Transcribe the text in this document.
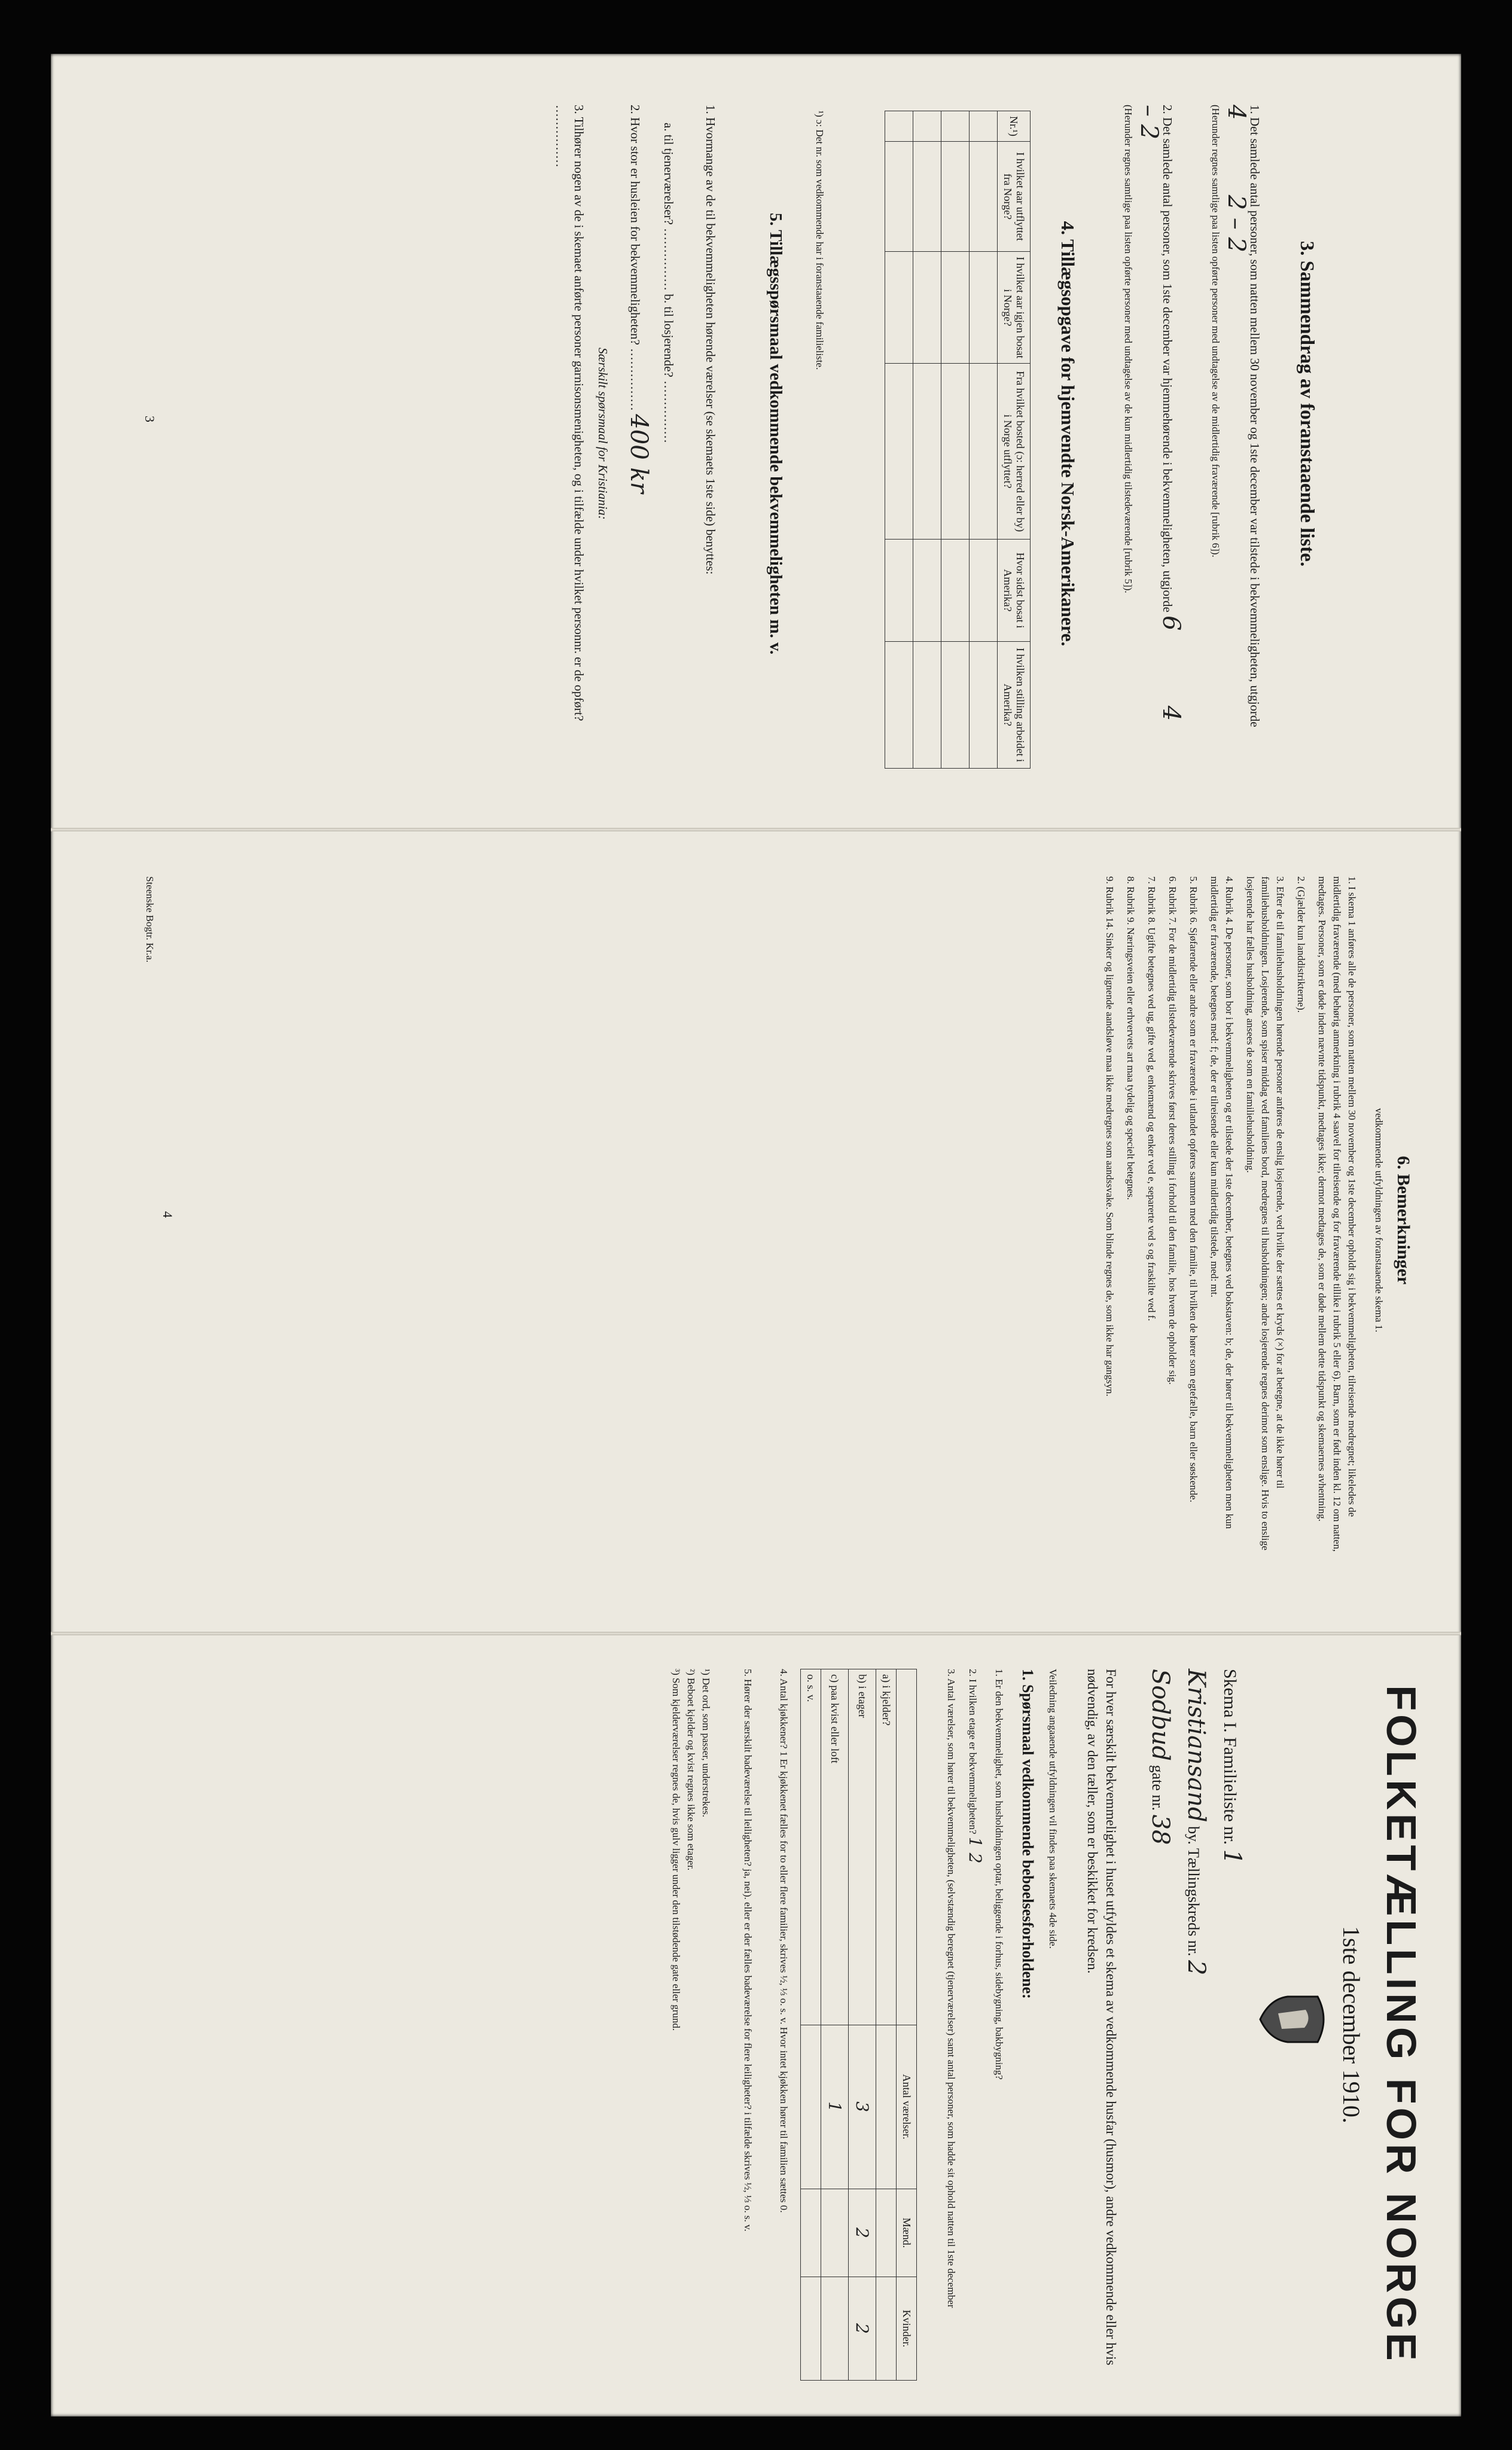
3. Sammendrag av foranstaaende liste.
1. Det samlede antal personer, som natten mellem 30 november og 1ste december var tilstede i bekvemmeligheten, utgjorde 4 2 – 2
(Herunder regnes samtlige paa listen opførte personer med undtagelse av de midlertidig fraværende [rubrik 6]).
2. Det samlede antal personer, som 1ste december var hjemmehørende i bekvemmeligheten, utgjorde 6 4 – 2
(Herunder regnes samtlige paa listen opførte personer med undtagelse av de kun midlertidig tilstedeværende [rubrik 5]).
4. Tillægsopgave for hjemvendte Norsk-Amerikanere.
Nr.¹)	I hvilket aar utflyttet fra Norge?	I hvilket aar igjen bosat i Norge?	Fra hvilket bosted (ɔ: herred eller by) i Norge utflyttet?	Hvor sidst bosat i Amerika?	I hvilken stilling arbeidet i Amerika?

¹) ɔ: Det nr. som vedkommende har i foranstaaende familieliste.
5. Tillægsspørsmaal vedkommende bekvemmeligheten m. v.
1. Hvormange av de til bekvemmeligheten hørende værelser (se skemaets 1ste side) benyttes:
a. til tjenerværelser? …………… b. til losjerende? ……………
2. Hvor stor er husleien for bekvemmeligheten? …………… 400 kr
Særskilt spørsmaal for Kristiania:
3. Tilhører nogen av de i skemaet anførte personer garnisonsmenigheten, og i tilfælde under hvilket personnr. er de opført? ……………
3
6. Bemerkninger
vedkommende utfyldningen av foranstaaende skema 1.

1. I skema 1 anføres alle de personer, som natten mellem 30 november og 1ste december opholdt sig i bekvemmeligheten, tilreisende medregnet; likeledes de midlertidig fraværende (med behørig anmerkning i rubrik 4 saavel for tilreisende og for fraværende tillike i rubrik 5 eller 6). Barn, som er født inden kl. 12 om natten, medtages. Personer, som er døde inden nævnte tidspunkt, medtages ikke; dermot medtages de, som er døde mellem dette tidspunkt og skemaernes avhentning.

2. (Gjælder kun landdistrikterne).

3. Efter de til familiehusholdningen hørende personer anføres de enslig losjerende, ved hvilke der sættes et kryds (×) for at betegne, at de ikke hører til familiehusholdningen. Losjerende, som spiser middag ved familiens bord, medregnes til husholdningen; andre losjerende regnes derimot som enslige. Hvis to enslige losjerende har fælles husholdning, ansees de som en familiehusholdning.

4. Rubrik 4. De personer, som bor i bekvemmeligheten og er tilstede der 1ste december, betegnes ved bokstaven: b; de, der hører til bekvemmeligheten men kun midlertidig er fraværende, betegnes med: f; de, der er tilreisende eller kun midlertidig tilstede, med: mt.

5. Rubrik 6. Sjøfarende eller andre som er fraværende i utlandet opføres sammen med den familie, til hvilken de hører som egtefælle, barn eller søskende.

6. Rubrik 7. For de midlertidig tilstedeværende skrives først deres stilling i forhold til den familie, hos hvem de opholder sig.

7. Rubrik 8. Ugifte betegnes ved ug, gifte ved g, enkemænd og enker ved e, separerte ved s og fraskilte ved f.

8. Rubrik 9. Næringsveien eller erhvervets art maa tydelig og specielt betegnes.

9. Rubrik 14. Sinker og lignende aandsløve maa ikke medregnes som aandssvake. Som blinde regnes de, som ikke har gangsyn.

4
Steenske Bogtr. Kr.a.
FOLKETÆLLING FOR NORGE
1ste december 1910.
Skema I. Familieliste nr. 1
Kristiansand by. Tællingskreds nr. 2
Sodbud gate nr. 38
For hver særskilt bekvemmelighet i huset utfyldes et skema av vedkommende husfar (husmor), andre vedkommende eller hvis nødvendig, av den tæller, som er beskikket for kredsen.
Veiledning angaaende utfyldningen vil findes paa skemaets 4de side.
1. Spørsmaal vedkommende beboelsesforholdene:
1. Er den bekvemmelighet, som husholdningen optar, beliggende i forhus, sidebygning, bakbygning?
2. I hvilken etage er bekvemmeligheten? 1 2
3. Antal værelser, som hører til bekvemmeligheten, (selvstændig beregnet (tjenerværelser) samt antal personer, som hadde sit ophold natten til 1ste december
	Antal værelser.	Mænd.	Kvinder.
a) i kjelder?			
b) i etager	3	2	2
c) paa kvist eller loft	1		
o. s. v.			
4. Antal kjøkkener? 1 Er kjøkkenet fælles for to eller flere familier, skrives ½, ⅓ o. s. v. Hvor intet kjøkken hører til familien sættes 0.
5. Hører der særskilt badeværelse til leiligheten? ja, nei). eller er der fælles badeværelse for flere leiligheter? i tilfælde skrives ½, ⅓ o. s. v.
¹) Det ord, som passer, understrekes.
²) Beboet kjelder og kvist regnes ikke som etager.
³) Som kjelderværelser regnes de, hvis gulv ligger under den tilstødende gate eller grund.
